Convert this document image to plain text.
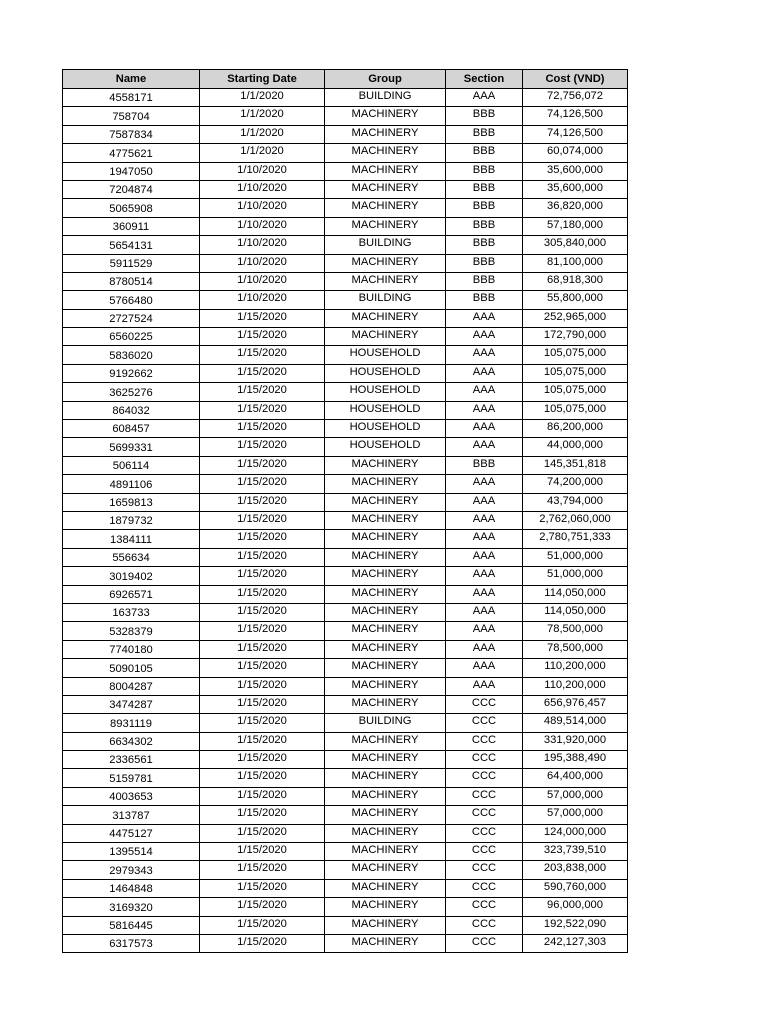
Name	Starting Date	Group	Section	Cost (VND)
4558171	1/1/2020	BUILDING	AAA	72,756,072
758704	1/1/2020	MACHINERY	BBB	74,126,500
7587834	1/1/2020	MACHINERY	BBB	74,126,500
4775621	1/1/2020	MACHINERY	BBB	60,074,000
1947050	1/10/2020	MACHINERY	BBB	35,600,000
7204874	1/10/2020	MACHINERY	BBB	35,600,000
5065908	1/10/2020	MACHINERY	BBB	36,820,000
360911	1/10/2020	MACHINERY	BBB	57,180,000
5654131	1/10/2020	BUILDING	BBB	305,840,000
5911529	1/10/2020	MACHINERY	BBB	81,100,000
8780514	1/10/2020	MACHINERY	BBB	68,918,300
5766480	1/10/2020	BUILDING	BBB	55,800,000
2727524	1/15/2020	MACHINERY	AAA	252,965,000
6560225	1/15/2020	MACHINERY	AAA	172,790,000
5836020	1/15/2020	HOUSEHOLD	AAA	105,075,000
9192662	1/15/2020	HOUSEHOLD	AAA	105,075,000
3625276	1/15/2020	HOUSEHOLD	AAA	105,075,000
864032	1/15/2020	HOUSEHOLD	AAA	105,075,000
608457	1/15/2020	HOUSEHOLD	AAA	86,200,000
5699331	1/15/2020	HOUSEHOLD	AAA	44,000,000
506114	1/15/2020	MACHINERY	BBB	145,351,818
4891106	1/15/2020	MACHINERY	AAA	74,200,000
1659813	1/15/2020	MACHINERY	AAA	43,794,000
1879732	1/15/2020	MACHINERY	AAA	2,762,060,000
1384111	1/15/2020	MACHINERY	AAA	2,780,751,333
556634	1/15/2020	MACHINERY	AAA	51,000,000
3019402	1/15/2020	MACHINERY	AAA	51,000,000
6926571	1/15/2020	MACHINERY	AAA	114,050,000
163733	1/15/2020	MACHINERY	AAA	114,050,000
5328379	1/15/2020	MACHINERY	AAA	78,500,000
7740180	1/15/2020	MACHINERY	AAA	78,500,000
5090105	1/15/2020	MACHINERY	AAA	110,200,000
8004287	1/15/2020	MACHINERY	AAA	110,200,000
3474287	1/15/2020	MACHINERY	CCC	656,976,457
8931119	1/15/2020	BUILDING	CCC	489,514,000
6634302	1/15/2020	MACHINERY	CCC	331,920,000
2336561	1/15/2020	MACHINERY	CCC	195,388,490
5159781	1/15/2020	MACHINERY	CCC	64,400,000
4003653	1/15/2020	MACHINERY	CCC	57,000,000
313787	1/15/2020	MACHINERY	CCC	57,000,000
4475127	1/15/2020	MACHINERY	CCC	124,000,000
1395514	1/15/2020	MACHINERY	CCC	323,739,510
2979343	1/15/2020	MACHINERY	CCC	203,838,000
1464848	1/15/2020	MACHINERY	CCC	590,760,000
3169320	1/15/2020	MACHINERY	CCC	96,000,000
5816445	1/15/2020	MACHINERY	CCC	192,522,090
6317573	1/15/2020	MACHINERY	CCC	242,127,303
